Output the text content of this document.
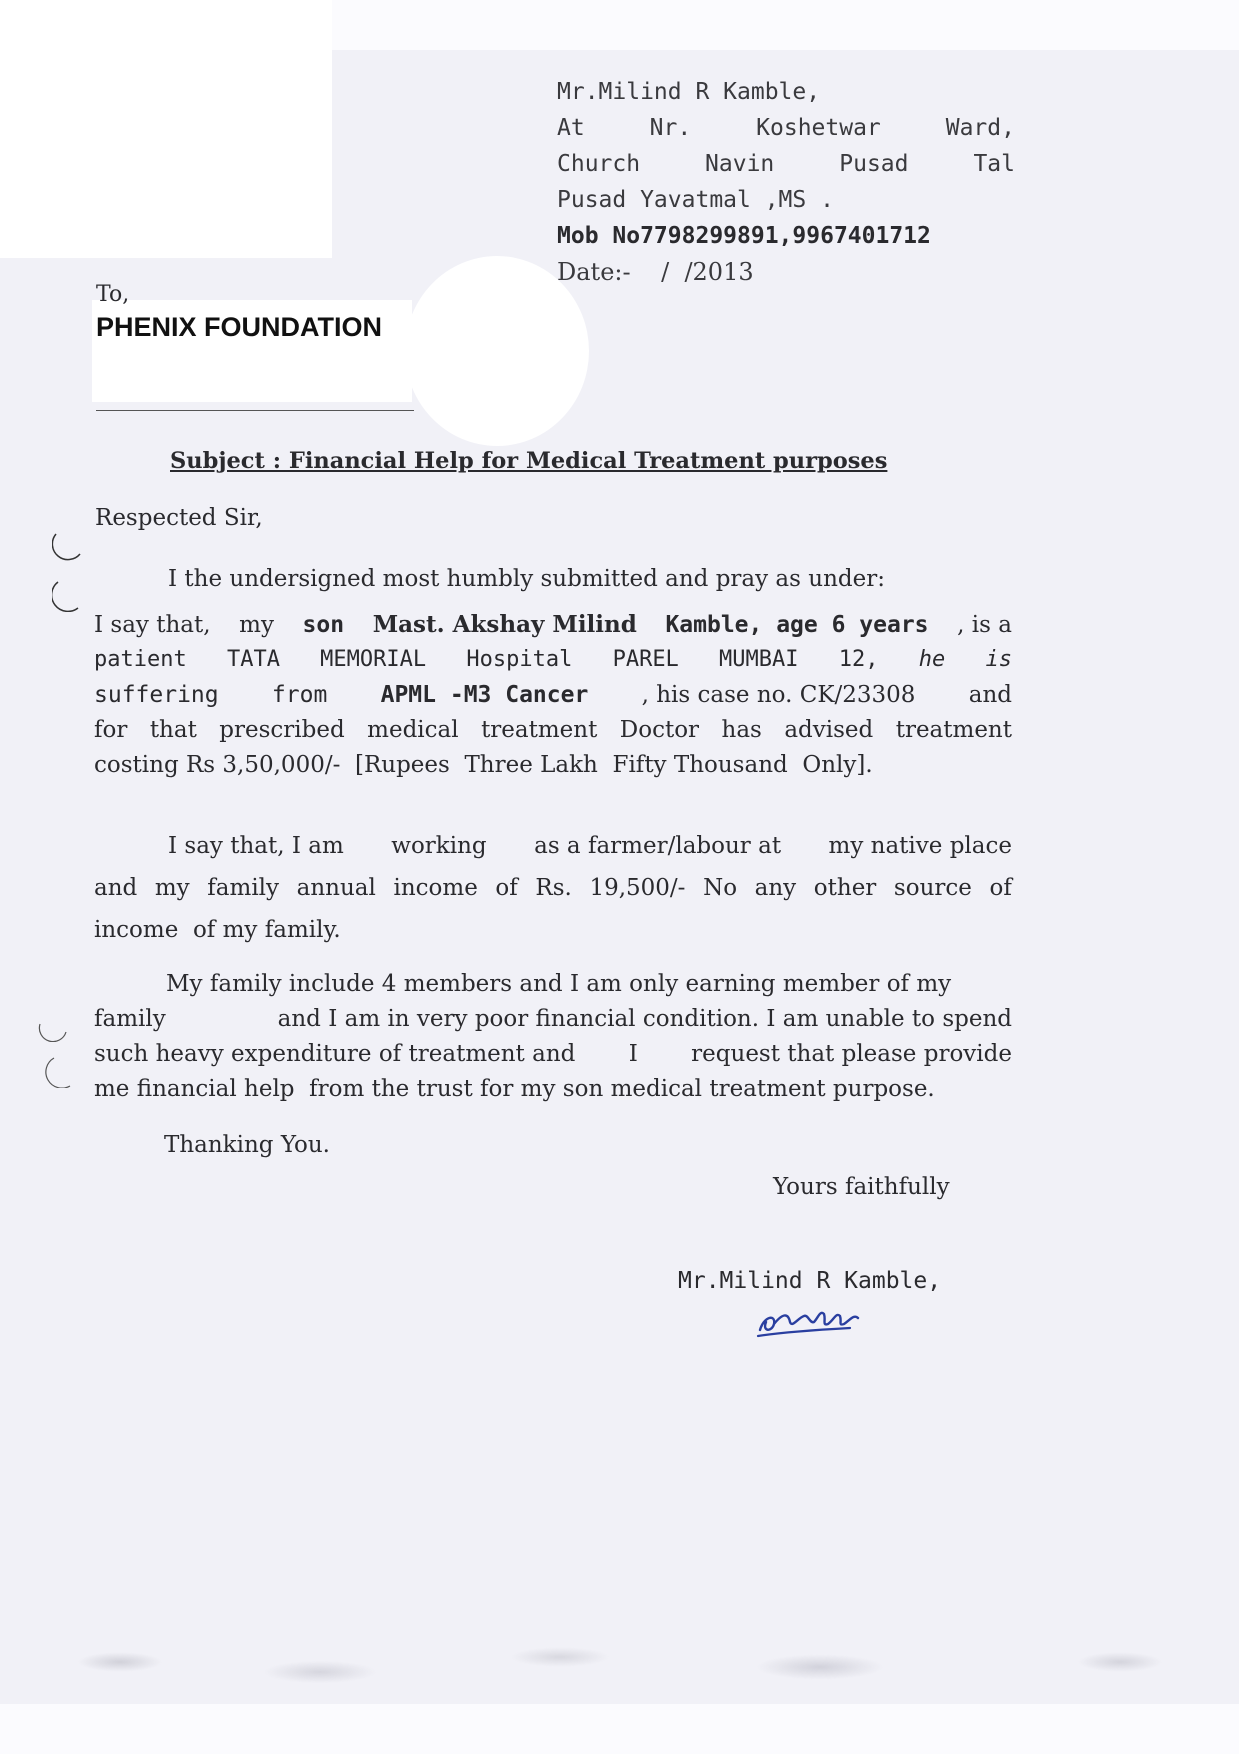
Mr.Milind R Kamble,
At	Nr.	Koshetwar	Ward,
Church	Navin	Pusad	Tal
Pusad Yavatmal ,MS .
Mob No7798299891,9967401712
Date:-    /  /2013
To,
PHENIX FOUNDATION
Subject : Financial Help for Medical Treatment purposes
Respected Sir,
I the undersigned most humbly submitted and pray as under:
I say that, my son Mast. Akshay Milind Kamble, age 6 years , is a
patient TATA MEMORIAL Hospital PAREL MUMBAI 12, he is
suffering from APML -M3 Cancer , his case no. CK/23308 and
for that prescribed medical treatment Doctor has advised treatment
costing Rs 3,50,000/-  [Rupees  Three Lakh  Fifty Thousand  Only].
I say that, I am working as a farmer/labour at my native place
and my family annual income of Rs. 19,500/- No any other source of
income  of my family.
My family include 4 members and I am only earning member of my
family	and I am in very poor financial condition. I am unable to spend
such heavy expenditure of treatment and I request that please provide
me financial help  from the trust for my son medical treatment purpose.
Thanking You.
Yours faithfully
Mr.Milind R Kamble,
